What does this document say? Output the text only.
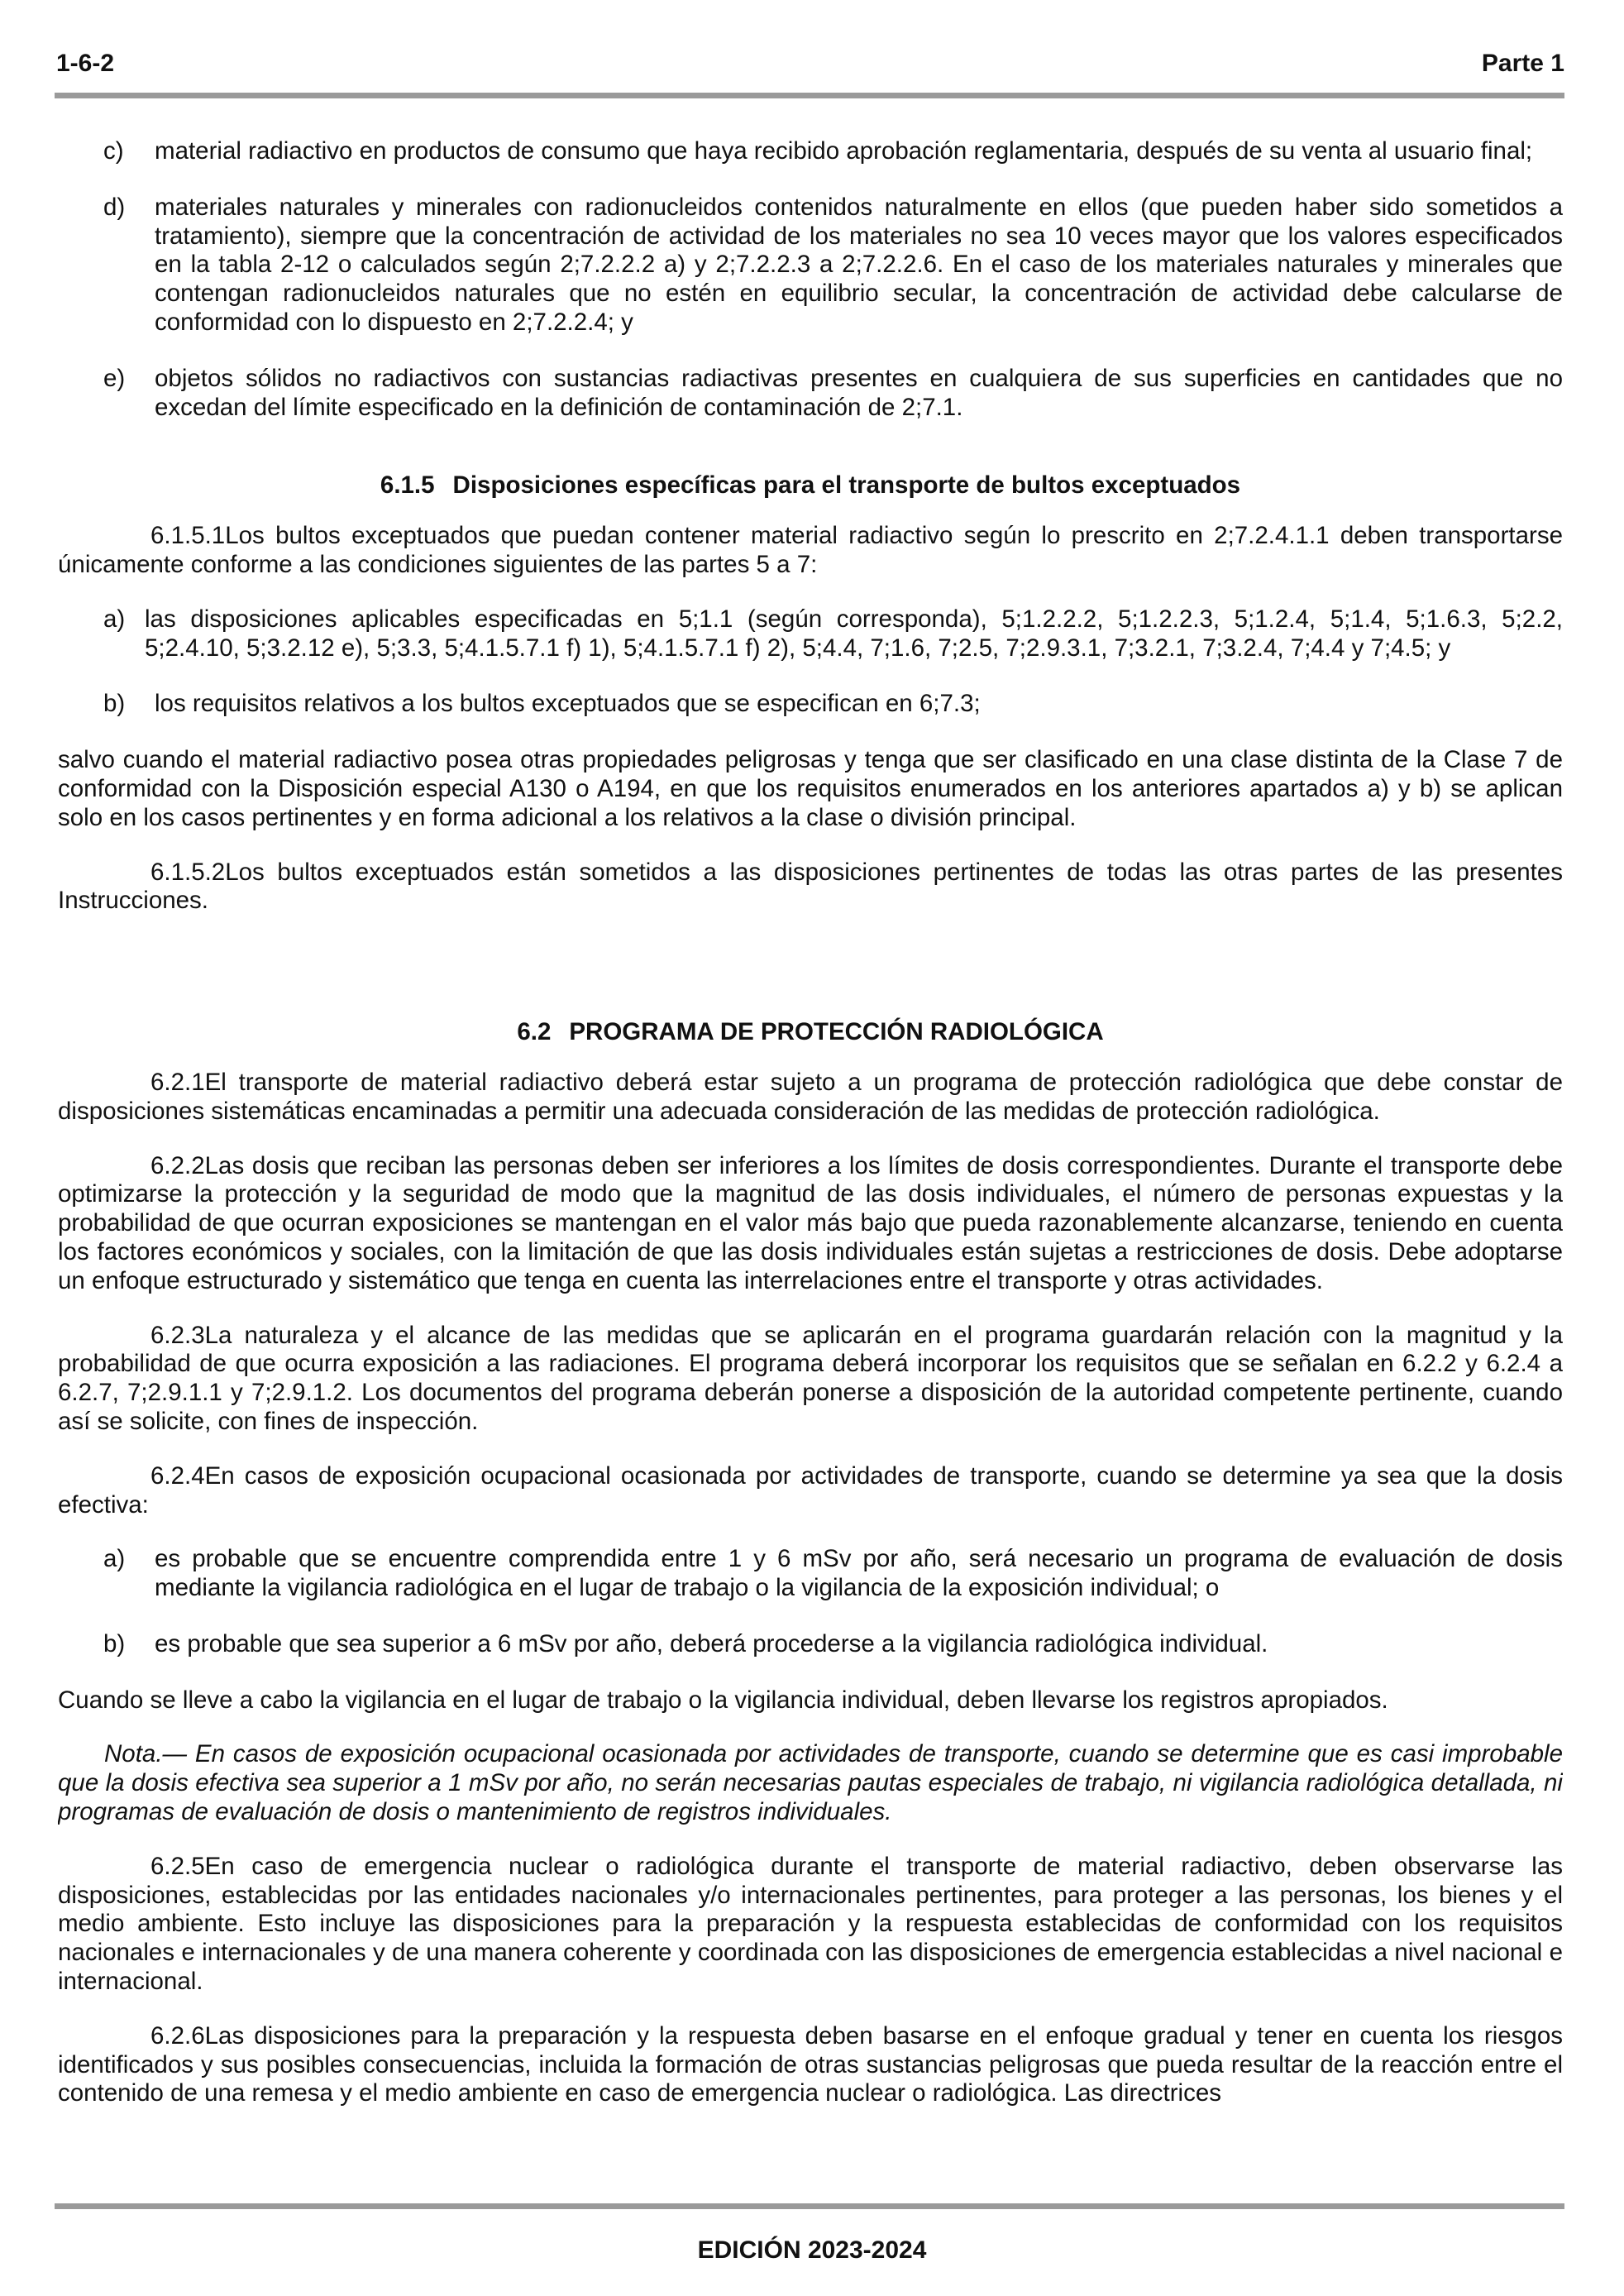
1-6-2	Parte 1
c)	material radiactivo en productos de consumo que haya recibido aprobación reglamentaria, después de su venta al usuario final;
d)	materiales naturales y minerales con radionucleidos contenidos naturalmente en ellos (que pueden haber sido sometidos a tratamiento), siempre que la concentración de actividad de los materiales no sea 10 veces mayor que los valores especificados en la tabla 2-12 o calculados según 2;7.2.2.2 a) y 2;7.2.2.3 a 2;7.2.2.6. En el caso de los materiales naturales y minerales que contengan radionucleidos naturales que no estén en equilibrio secular, la concentración de actividad debe calcularse de conformidad con lo dispuesto en 2;7.2.2.4; y
e)	objetos sólidos no radiactivos con sustancias radiactivas presentes en cualquiera de sus superficies en cantidades que no excedan del límite especificado en la definición de contaminación de 2;7.1.
6.1.5 Disposiciones específicas para el transporte de bultos exceptuados

6.1.5.1Los bultos exceptuados que puedan contener material radiactivo según lo prescrito en 2;7.2.4.1.1 deben transportarse únicamente conforme a las condiciones siguientes de las partes 5 a 7:

a) las disposiciones aplicables especificadas en 5;1.1 (según corresponda), 5;1.2.2.2, 5;1.2.2.3, 5;1.2.4, 5;1.4, 5;1.6.3, 5;2.2, 5;2.4.10, 5;3.2.12 e), 5;3.3, 5;4.1.5.7.1 f) 1), 5;4.1.5.7.1 f) 2), 5;4.4, 7;1.6, 7;2.5, 7;2.9.3.1, 7;3.2.1, 7;3.2.4, 7;4.4 y 7;4.5; y
b)	los requisitos relativos a los bultos exceptuados que se especifican en 6;7.3;

salvo cuando el material radiactivo posea otras propiedades peligrosas y tenga que ser clasificado en una clase distinta de la Clase 7 de conformidad con la Disposición especial A130 o A194, en que los requisitos enumerados en los anteriores apartados a) y b) se aplican solo en los casos pertinentes y en forma adicional a los relativos a la clase o división principal.

6.1.5.2Los bultos exceptuados están sometidos a las disposiciones pertinentes de todas las otras partes de las presentes Instrucciones.

6.2 PROGRAMA DE PROTECCIÓN RADIOLÓGICA

6.2.1El transporte de material radiactivo deberá estar sujeto a un programa de protección radiológica que debe constar de disposiciones sistemáticas encaminadas a permitir una adecuada consideración de las medidas de protección radiológica.

6.2.2Las dosis que reciban las personas deben ser inferiores a los límites de dosis correspondientes. Durante el transporte debe optimizarse la protección y la seguridad de modo que la magnitud de las dosis individuales, el número de personas expuestas y la probabilidad de que ocurran exposiciones se mantengan en el valor más bajo que pueda razonablemente alcanzarse, teniendo en cuenta los factores económicos y sociales, con la limitación de que las dosis individuales están sujetas a restricciones de dosis. Debe adoptarse un enfoque estructurado y sistemático que tenga en cuenta las interrelaciones entre el transporte y otras actividades.

6.2.3La naturaleza y el alcance de las medidas que se aplicarán en el programa guardarán relación con la magnitud y la probabilidad de que ocurra exposición a las radiaciones. El programa deberá incorporar los requisitos que se señalan en 6.2.2 y 6.2.4 a 6.2.7, 7;2.9.1.1 y 7;2.9.1.2. Los documentos del programa deberán ponerse a disposición de la autoridad competente pertinente, cuando así se solicite, con fines de inspección.

6.2.4En casos de exposición ocupacional ocasionada por actividades de transporte, cuando se determine ya sea que la dosis efectiva:

a)	es probable que se encuentre comprendida entre 1 y 6 mSv por año, será necesario un programa de evaluación de dosis mediante la vigilancia radiológica en el lugar de trabajo o la vigilancia de la exposición individual; o
b)	es probable que sea superior a 6 mSv por año, deberá procederse a la vigilancia radiológica individual.

Cuando se lleve a cabo la vigilancia en el lugar de trabajo o la vigilancia individual, deben llevarse los registros apropiados.

Nota.— En casos de exposición ocupacional ocasionada por actividades de transporte, cuando se determine que es casi improbable que la dosis efectiva sea superior a 1 mSv por año, no serán necesarias pautas especiales de trabajo, ni vigilancia radiológica detallada, ni programas de evaluación de dosis o mantenimiento de registros individuales.

6.2.5En caso de emergencia nuclear o radiológica durante el transporte de material radiactivo, deben observarse las disposiciones, establecidas por las entidades nacionales y/o internacionales pertinentes, para proteger a las personas, los bienes y el medio ambiente. Esto incluye las disposiciones para la preparación y la respuesta establecidas de conformidad con los requisitos nacionales e internacionales y de una manera coherente y coordinada con las disposiciones de emergencia establecidas a nivel nacional e internacional.

6.2.6Las disposiciones para la preparación y la respuesta deben basarse en el enfoque gradual y tener en cuenta los riesgos identificados y sus posibles consecuencias, incluida la formación de otras sustancias peligrosas que pueda resultar de la reacción entre el contenido de una remesa y el medio ambiente en caso de emergencia nuclear o radiológica. Las directrices

EDICIÓN 2023-2024
